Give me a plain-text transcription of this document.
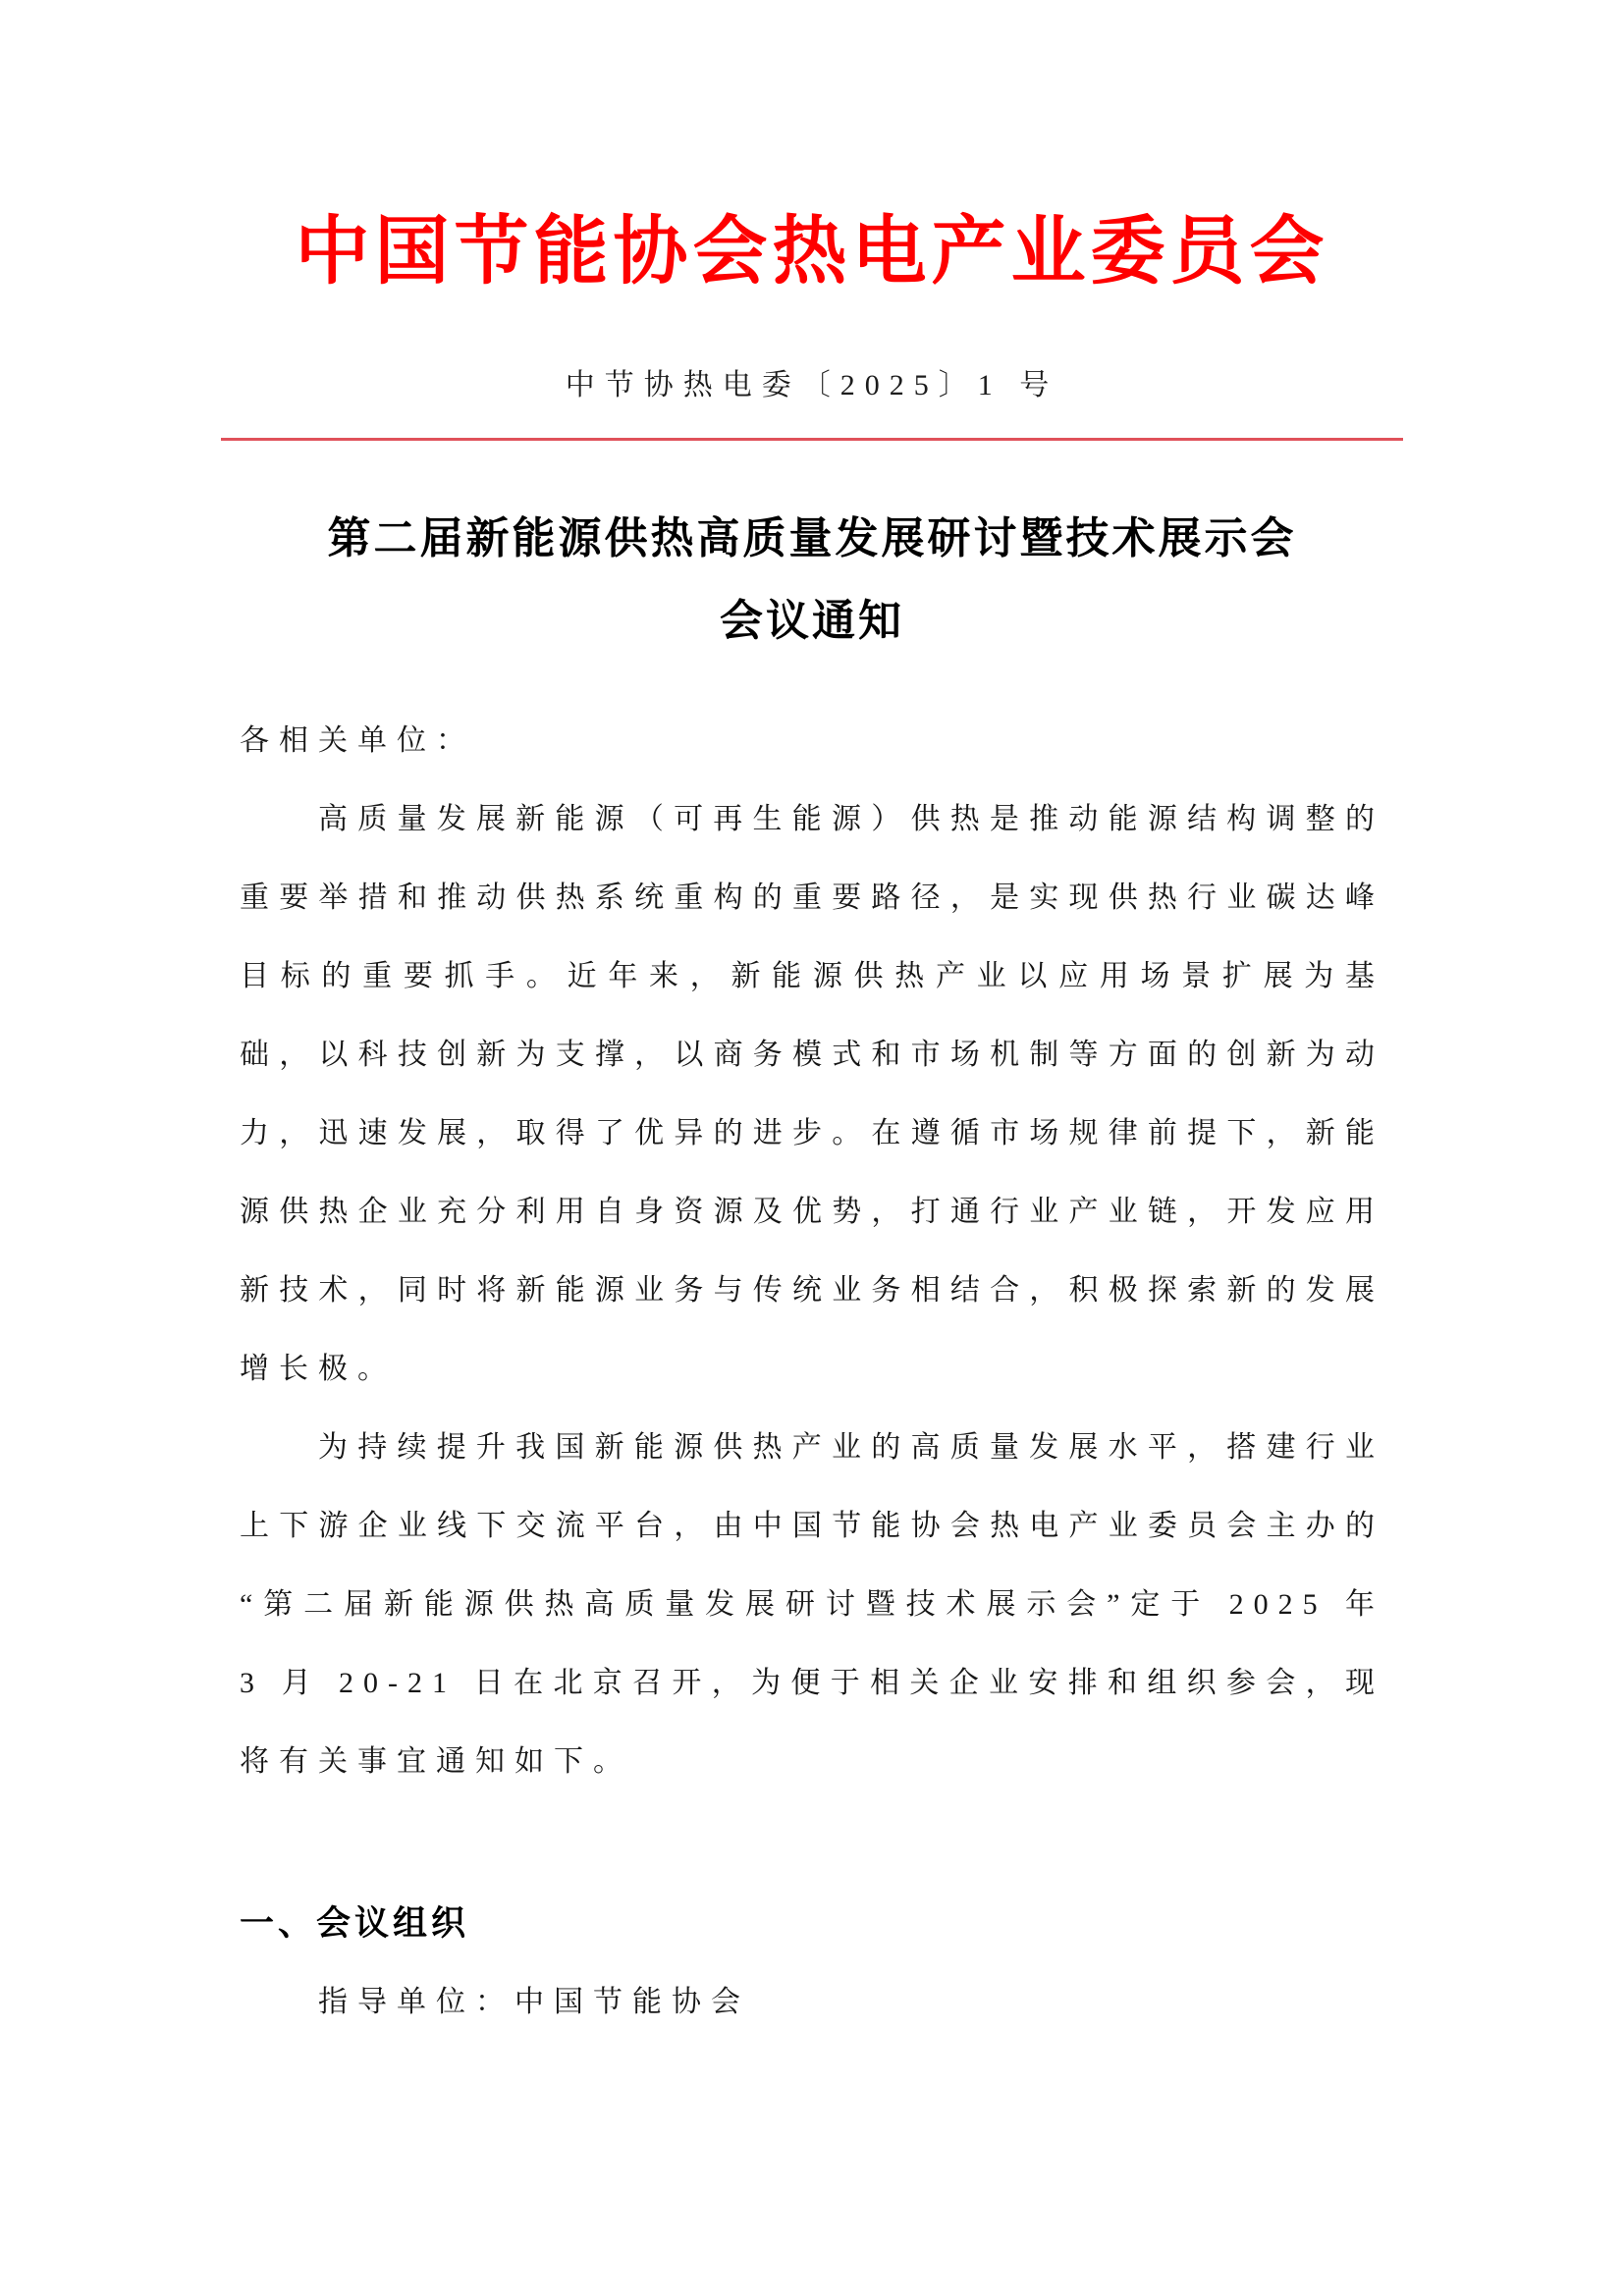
中国节能协会热电产业委员会
中节协热电委〔2025〕1 号
第二届新能源供热高质量发展研讨暨技术展示会
会议通知

各相关单位：

高质量发展新能源（可再生能源）供热是推动能源结构调整的重要举措和推动供热系统重构的重要路径，是实现供热行业碳达峰目标的重要抓手。近年来，新能源供热产业以应用场景扩展为基础，以科技创新为支撑，以商务模式和市场机制等方面的创新为动力，迅速发展，取得了优异的进步。在遵循市场规律前提下，新能源供热企业充分利用自身资源及优势，打通行业产业链，开发应用新技术，同时将新能源业务与传统业务相结合，积极探索新的发展增长极。

为持续提升我国新能源供热产业的高质量发展水平，搭建行业上下游企业线下交流平台，由中国节能协会热电产业委员会主办的“第二届新能源供热高质量发展研讨暨技术展示会”定于 2025 年 3 月 20-21 日在北京召开，为便于相关企业安排和组织参会，现将有关事宜通知如下。

一、会议组织
指导单位：中国节能协会
